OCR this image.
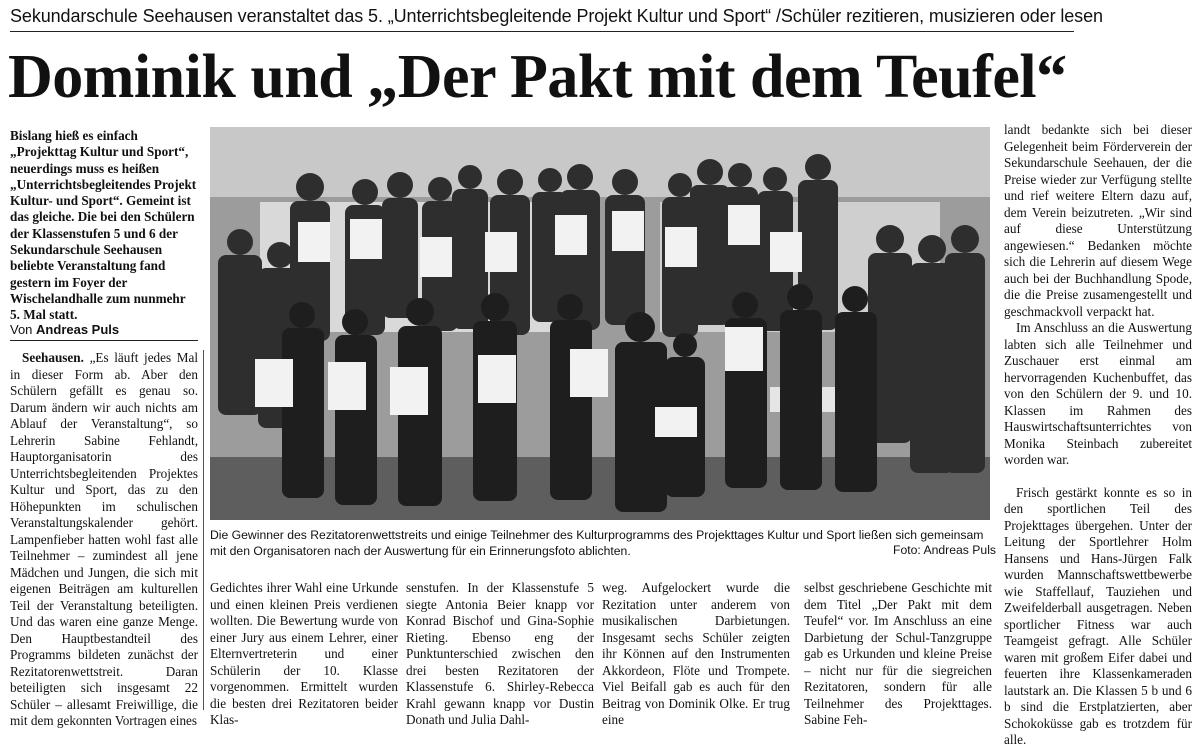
Sekundarschule Seehausen veranstaltet das 5. „Unterrichtsbegleitende Projekt Kultur und Sport“ /Schüler rezitieren, musizieren oder lesen
Dominik und „Der Pakt mit dem Teufel“
Bislang hieß es einfach „Projekttag Kultur und Sport“, neuerdings muss es heißen „Unterrichtsbegleitendes Projekt Kultur- und Sport“. Gemeint ist das gleiche. Die bei den Schülern der Klassenstufen 5 und 6 der Sekundarschule Seehausen beliebte Veranstaltung fand gestern im Foyer der Wischelandhalle zum nunmehr 5. Mal statt.
Von Andreas Puls

Seehausen. „Es läuft jedes Mal in dieser Form ab. Aber den Schülern gefällt es genau so. Darum ändern wir auch nichts am Ablauf der Veranstaltung“, so Lehrerin Sabine Fehlandt, Hauptorganisatorin des Unterrichtsbegleitenden Projektes Kultur und Sport, das zu den Höhepunkten im schulischen Veranstaltungskalender gehört. Lampenfieber hatten wohl fast alle Teilnehmer – zumindest all jene Mädchen und Jungen, die sich mit eigenen Beiträgen am kulturellen Teil der Veranstaltung beteiligten. Und das waren eine ganze Menge. Den Hauptbestandteil des Programms bildeten zunächst der Rezitatorenwettstreit. Daran beteiligten sich insgesamt 22 Schüler – allesamt Freiwillige, die mit dem gekonnten Vortragen eines

Die Gewinner des Rezitatorenwettstreits und einige Teilnehmer des Kulturprogramms des Projekttages Kultur und Sport ließen sich gemeinsam mit den Organisatoren nach der Auswertung für ein Erinnerungsfoto ablichten.	Foto: Andreas Puls

Gedichtes ihrer Wahl eine Urkunde und einen kleinen Preis verdienen wollten. Die Bewertung wurde von einer Jury aus einem Lehrer, einer Elternvertreterin und einer Schülerin der 10. Klasse vorgenommen. Ermittelt wurden die besten drei Rezitatoren beider Klas-

senstufen. In der Klassenstufe 5 siegte Antonia Beier knapp vor Konrad Bischof und Gina-Sophie Rieting. Ebenso eng der Punktunterschied zwischen den drei besten Rezitatoren der Klassenstufe 6. Shirley-Rebecca Krahl gewann knapp vor Dustin Donath und Julia Dahl-

weg. Aufgelockert wurde die Rezitation unter anderem von musikalischen Darbietungen. Insgesamt sechs Schüler zeigten ihr Können auf den Instrumenten Akkordeon, Flöte und Trompete. Viel Beifall gab es auch für den Beitrag von Dominik Olke. Er trug eine

selbst geschriebene Geschichte mit dem Titel „Der Pakt mit dem Teufel“ vor. Im Anschluss an eine Darbietung der Schul-Tanzgruppe gab es Urkunden und kleine Preise – nicht nur für die siegreichen Rezitatoren, sondern für alle Teilnehmer des Projekttages. Sabine Feh-

landt bedankte sich bei dieser Gelegenheit beim Förderverein der Sekundarschule Seehauen, der die Preise wieder zur Verfügung stellte und rief weitere Eltern dazu auf, dem Verein beizutreten. „Wir sind auf diese Unterstützung angewiesen.“ Bedanken möchte sich die Lehrerin auf diesem Wege auch bei der Buchhandlung Spode, die die Preise zusamengestellt und geschmackvoll verpackt hat.

Im Anschluss an die Auswertung labten sich alle Teilnehmer und Zuschauer erst einmal am hervorragenden Kuchenbuffet, das von den Schülern der 9. und 10. Klassen im Rahmen des Hauswirtschaftsunterrichtes von Monika Steinbach zubereitet worden war.

Frisch gestärkt konnte es so in den sportlichen Teil des Projekttages übergehen. Unter der Leitung der Sportlehrer Holm Hansens und Hans-Jürgen Falk wurden Mannschaftswettbewerbe wie Staffellauf, Tauziehen und Zweifelderball ausgetragen. Neben sportlicher Fitness war auch Teamgeist gefragt. Alle Schüler waren mit großem Eifer dabei und feuerten ihre Klassenkameraden lautstark an. Die Klassen 5 b und 6 b sind die Erstplatzierten, aber Schokoküsse gab es trotzdem für alle.
